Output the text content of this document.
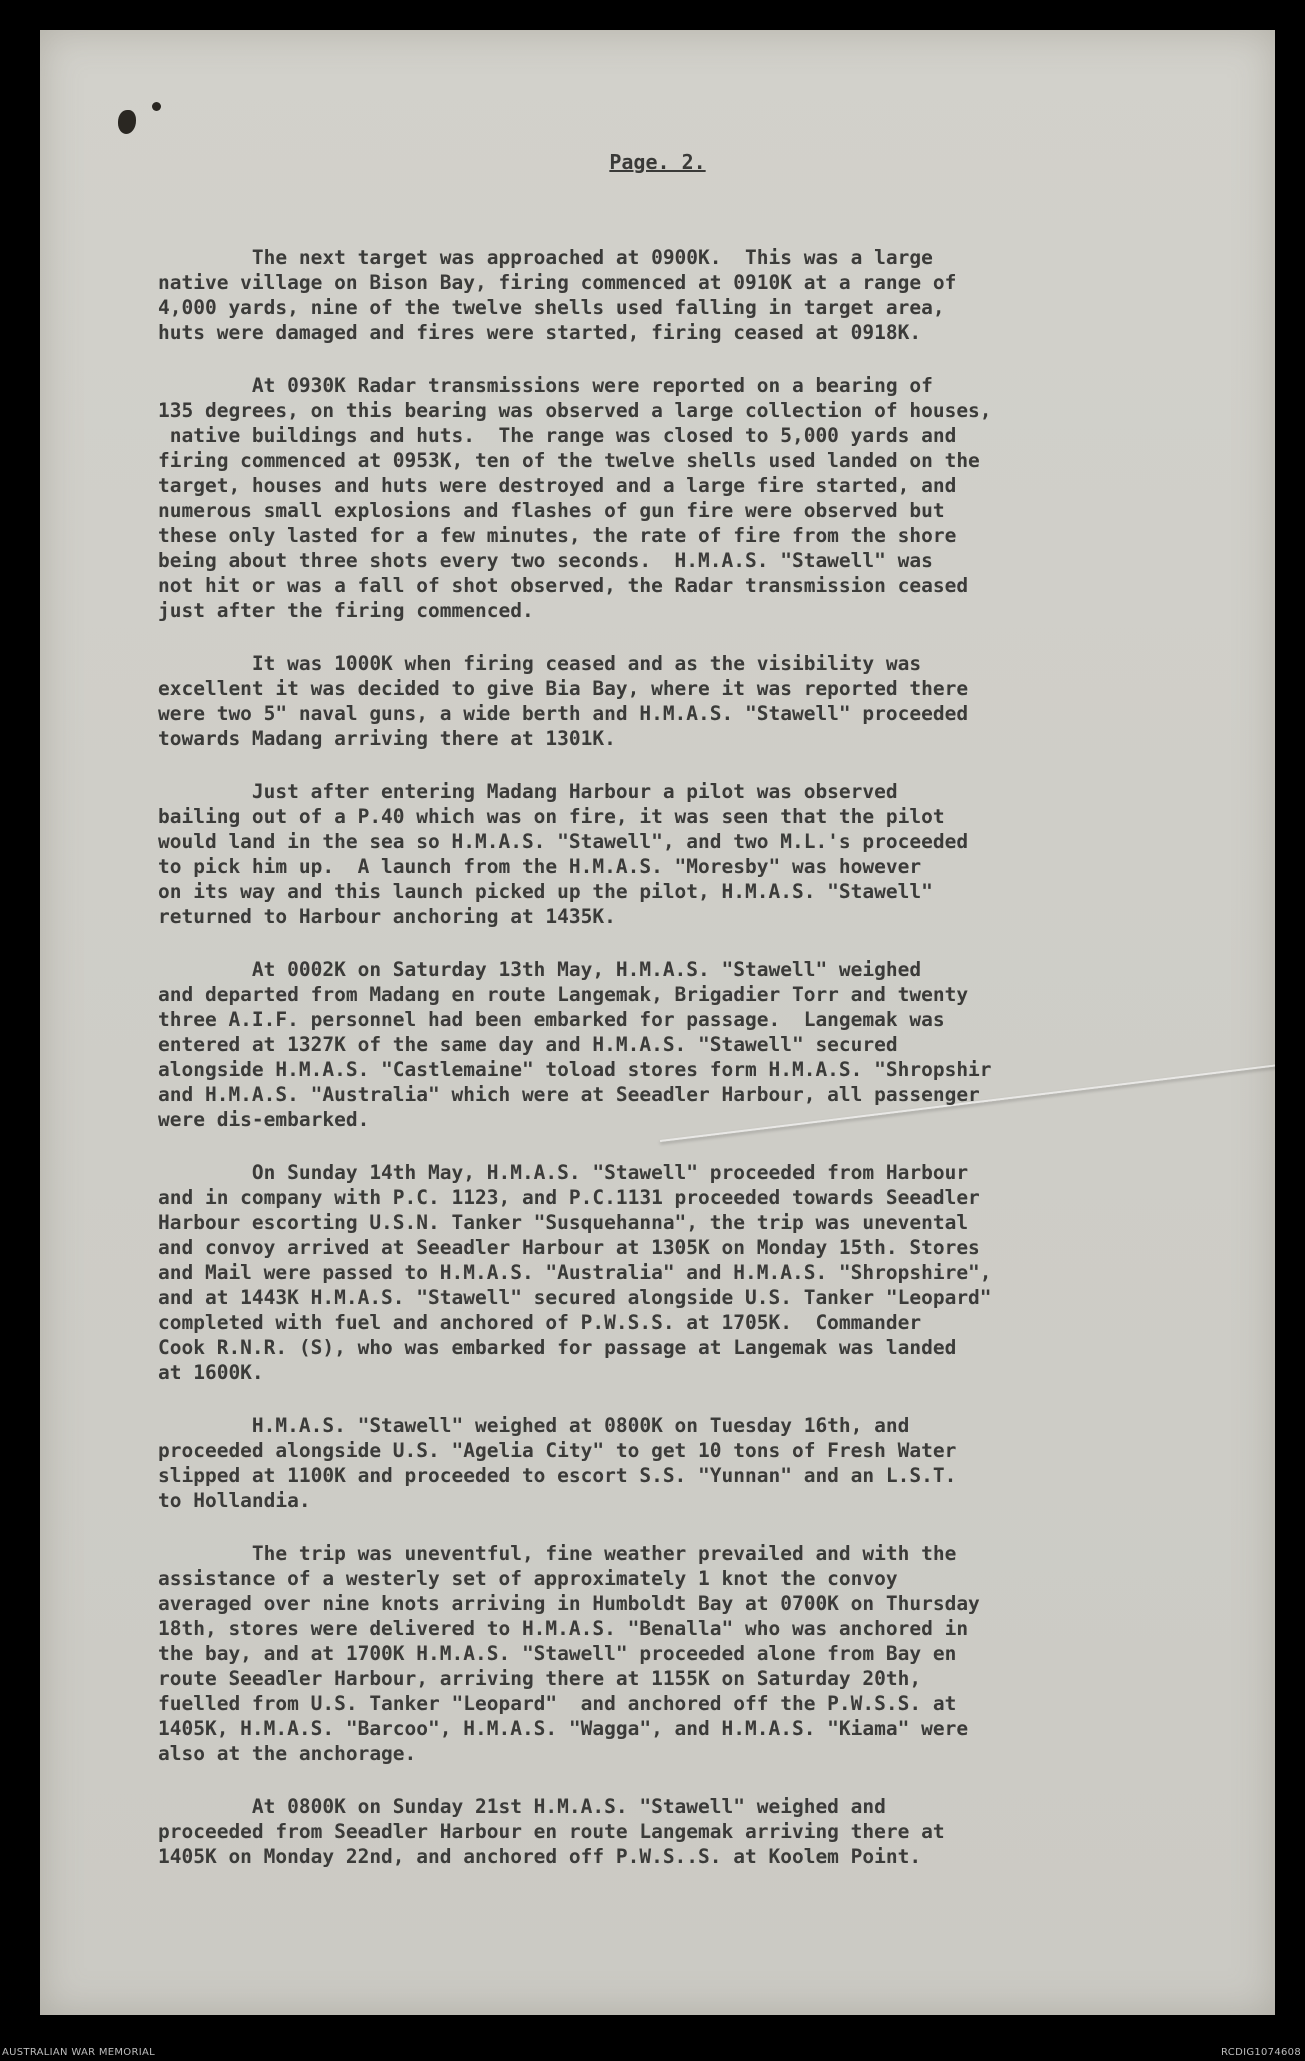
Page. 2.
The next target was approached at 0900K.  This was a large
native village on Bison Bay, firing commenced at 0910K at a range of
4,000 yards, nine of the twelve shells used falling in target area,
huts were damaged and fires were started, firing ceased at 0918K.
At 0930K Radar transmissions were reported on a bearing of
135 degrees, on this bearing was observed a large collection of houses,
native buildings and huts.  The range was closed to 5,000 yards and
firing commenced at 0953K, ten of the twelve shells used landed on the
target, houses and huts were destroyed and a large fire started, and
numerous small explosions and flashes of gun fire were observed but
these only lasted for a few minutes, the rate of fire from the shore
being about three shots every two seconds.  H.M.A.S. "Stawell" was
not hit or was a fall of shot observed, the Radar transmission ceased
just after the firing commenced.
It was 1000K when firing ceased and as the visibility was
excellent it was decided to give Bia Bay, where it was reported there
were two 5" naval guns, a wide berth and H.M.A.S. "Stawell" proceeded
towards Madang arriving there at 1301K.
Just after entering Madang Harbour a pilot was observed
bailing out of a P.40 which was on fire, it was seen that the pilot
would land in the sea so H.M.A.S. "Stawell", and two M.L.'s proceeded
to pick him up.  A launch from the H.M.A.S. "Moresby" was however
on its way and this launch picked up the pilot, H.M.A.S. "Stawell"
returned to Harbour anchoring at 1435K.
At 0002K on Saturday 13th May, H.M.A.S. "Stawell" weighed
and departed from Madang en route Langemak, Brigadier Torr and twenty
three A.I.F. personnel had been embarked for passage.  Langemak was
entered at 1327K of the same day and H.M.A.S. "Stawell" secured
alongside H.M.A.S. "Castlemaine" toload stores form H.M.A.S. "Shropshir
and H.M.A.S. "Australia" which were at Seeadler Harbour, all passenger
were dis-embarked.
On Sunday 14th May, H.M.A.S. "Stawell" proceeded from Harbour
and in company with P.C. 1123, and P.C.1131 proceeded towards Seeadler
Harbour escorting U.S.N. Tanker "Susquehanna", the trip was unevental
and convoy arrived at Seeadler Harbour at 1305K on Monday 15th. Stores
and Mail were passed to H.M.A.S. "Australia" and H.M.A.S. "Shropshire",
and at 1443K H.M.A.S. "Stawell" secured alongside U.S. Tanker "Leopard"
completed with fuel and anchored of P.W.S.S. at 1705K.  Commander
Cook R.N.R. (S), who was embarked for passage at Langemak was landed
at 1600K.
H.M.A.S. "Stawell" weighed at 0800K on Tuesday 16th, and
proceeded alongside U.S. "Agelia City" to get 10 tons of Fresh Water
slipped at 1100K and proceeded to escort S.S. "Yunnan" and an L.S.T.
to Hollandia.
The trip was uneventful, fine weather prevailed and with the
assistance of a westerly set of approximately 1 knot the convoy
averaged over nine knots arriving in Humboldt Bay at 0700K on Thursday
18th, stores were delivered to H.M.A.S. "Benalla" who was anchored in
the bay, and at 1700K H.M.A.S. "Stawell" proceeded alone from Bay en
route Seeadler Harbour, arriving there at 1155K on Saturday 20th,
fuelled from U.S. Tanker "Leopard"  and anchored off the P.W.S.S. at
1405K, H.M.A.S. "Barcoo", H.M.A.S. "Wagga", and H.M.A.S. "Kiama" were
also at the anchorage.
At 0800K on Sunday 21st H.M.A.S. "Stawell" weighed and
proceeded from Seeadler Harbour en route Langemak arriving there at
1405K on Monday 22nd, and anchored off P.W.S..S. at Koolem Point.
AUSTRALIAN WAR MEMORIAL	RCDIG1074608
